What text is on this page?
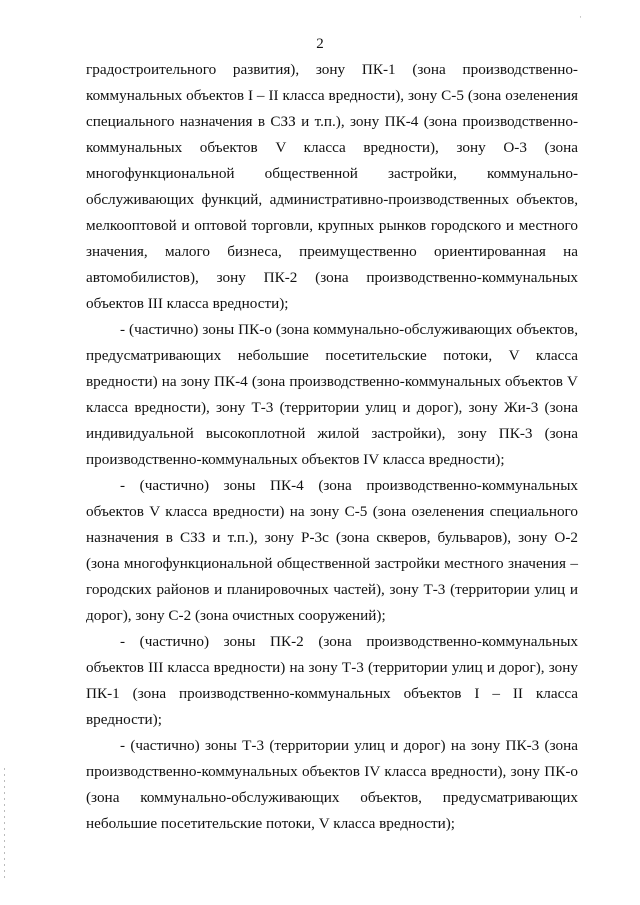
·
2

градостроительного развития), зону ПК-1 (зона производственно-коммунальных объектов I – II класса вредности), зону С-5 (зона озеленения специального назначения в СЗЗ и т.п.), зону ПК-4 (зона производственно-коммунальных объектов V класса вредности), зону О-3 (зона многофункциональной общественной застройки, коммунально-обслуживающих функций, административно-производственных объектов, мелкооптовой и оптовой торговли, крупных рынков городского и местного значения, малого бизнеса, преимущественно ориентированная на автомобилистов), зону ПК-2 (зона производственно-коммунальных объектов III класса вредности);

- (частично) зоны ПК-о (зона коммунально-обслуживающих объектов, предусматривающих небольшие посетительские потоки, V класса вредности) на зону ПК-4 (зона производственно-коммунальных объектов V класса вредности), зону Т-3 (территории улиц и дорог), зону Жи-3 (зона индивидуальной высокоплотной жилой застройки), зону ПК-3 (зона производственно-коммунальных объектов IV класса вредности);

- (частично) зоны ПК-4 (зона производственно-коммунальных объектов V класса вредности) на зону С-5 (зона озеленения специального назначения в СЗЗ и т.п.), зону Р-3с (зона скверов, бульваров), зону О-2 (зона многофункциональной общественной застройки местного значения – городских районов и планировочных частей), зону Т-3 (территории улиц и дорог), зону С-2 (зона очистных сооружений);

- (частично) зоны ПК-2 (зона производственно-коммунальных объектов III класса вредности) на зону Т-3 (территории улиц и дорог), зону ПК-1 (зона производственно-коммунальных объектов I – II класса вредности);

- (частично) зоны Т-3 (территории улиц и дорог) на зону ПК-3 (зона производственно-коммунальных объектов IV класса вредности), зону ПК-о (зона коммунально-обслуживающих объектов, предусматривающих небольшие посетительские потоки, V класса вредности);
